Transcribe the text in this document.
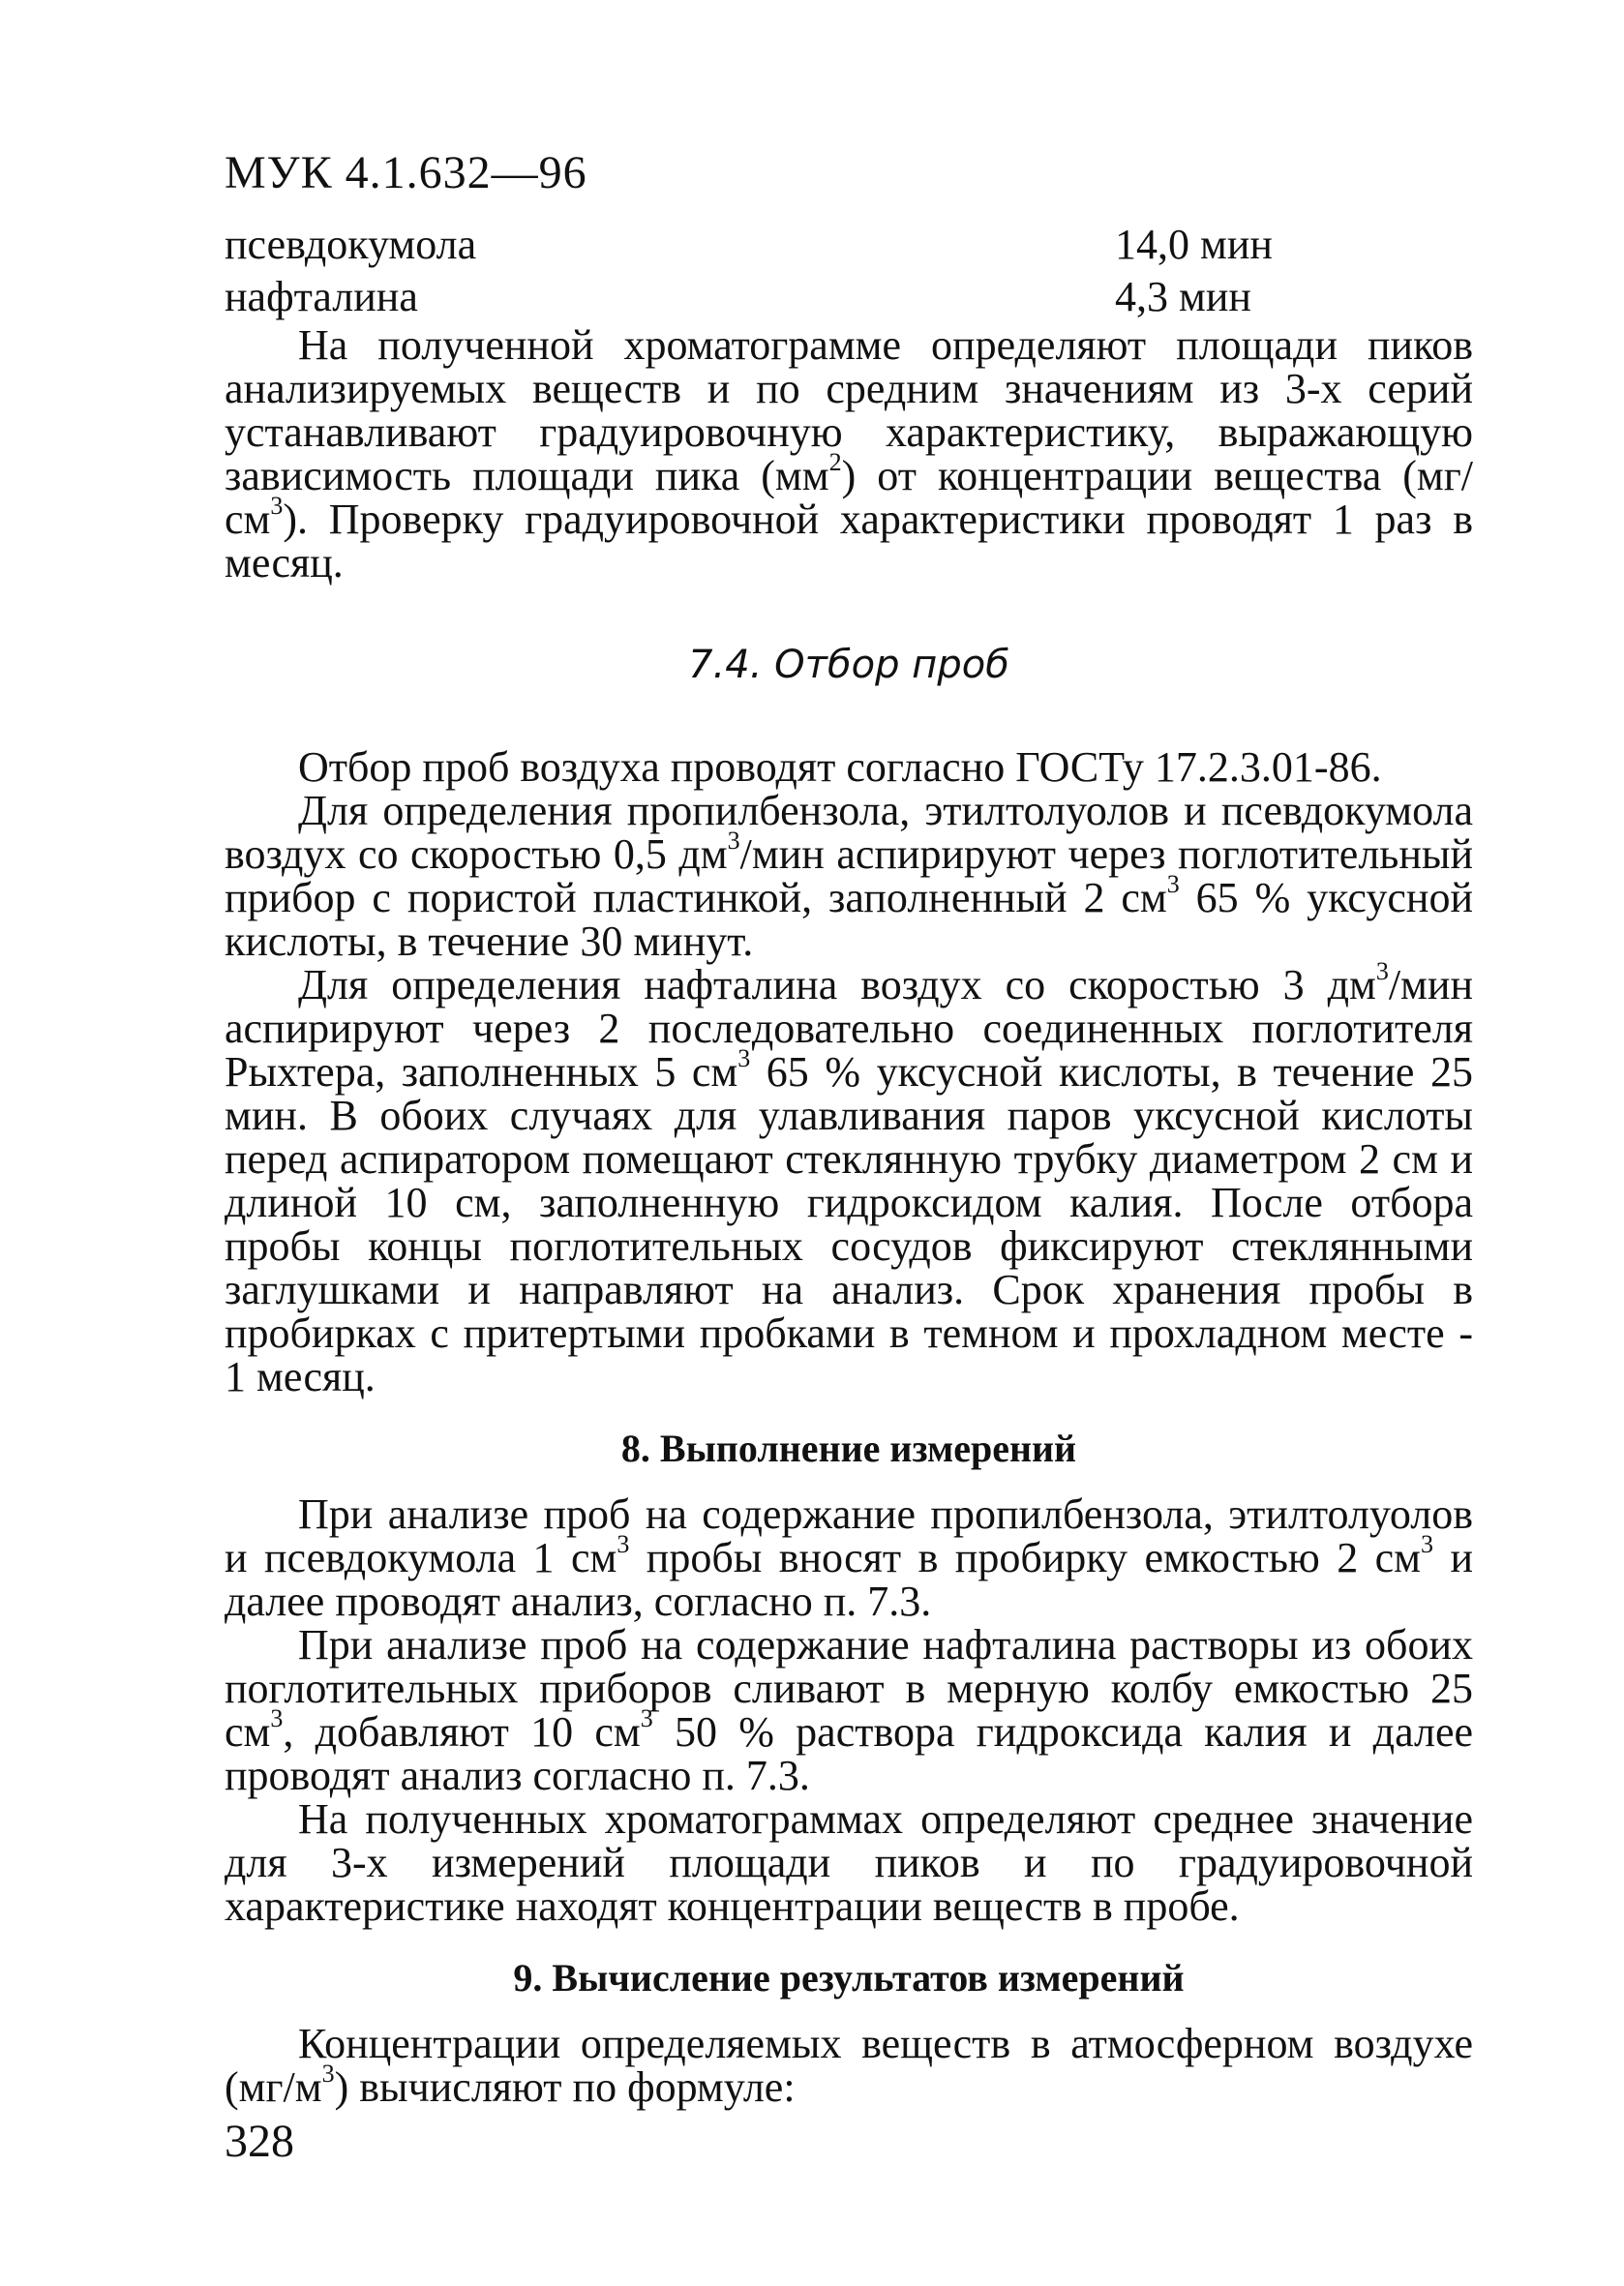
МУК 4.1.632—96
псевдокумола	14,0 мин
нафталина	4,3 мин

На полученной хроматограмме определяют площади пиков анализируемых веществ и по средним значениям из 3-х серий устанавливают градуировочную характеристику, выражающую зависимость площади пика $(мм^2)$ от концентрации вещества $(мг/см^3)$. Проверку градуировочной характеристики проводят 1 раз в месяц.

7.4. Отбор проб

Отбор проб воздуха проводят согласно ГОСТу 17.2.3.01-86.

Для определения пропилбензола, этилтолуолов и псевдокумола воздух со скоростью 0,5 $дм^3$/мин аспирируют через поглотительный прибор с пористой пластинкой, заполненный 2 $см^3$ 65 % уксусной кислоты, в течение 30 минут.

Для определения нафталина воздух со скоростью 3 $дм^3$/мин аспирируют через 2 последовательно соединенных поглотителя Рыхтера, заполненных 5 $см^3$ 65 % уксусной кислоты, в течение 25 мин. В обоих случаях для улавливания паров уксусной кислоты перед аспиратором помещают стеклянную трубку диаметром 2 см и длиной 10 см, заполненную гидроксидом калия. После отбора пробы концы поглотительных сосудов фиксируют стеклянными заглушками и направляют на анализ. Срок хранения пробы в пробирках с притертыми пробками в темном и прохладном месте - 1 месяц.

8. Выполнение измерений

При анализе проб на содержание пропилбензола, этилтолуолов и псевдокумола 1 $см^3$ пробы вносят в пробирку емкостью 2 $см^3$ и далее проводят анализ, согласно п. 7.3.

При анализе проб на содержание нафталина растворы из обоих поглотительных приборов сливают в мерную колбу емкостью 25 $см^3$, добавляют 10 $см^3$ 50 % раствора гидроксида калия и далее проводят анализ согласно п. 7.3.

На полученных хроматограммах определяют среднее значение для 3-х измерений площади пиков и по градуировочной характеристике находят концентрации веществ в пробе.

9. Вычисление результатов измерений

Концентрации определяемых веществ в атмосферном воздухе $(мг/м^3)$ вычисляют по формуле:

328
